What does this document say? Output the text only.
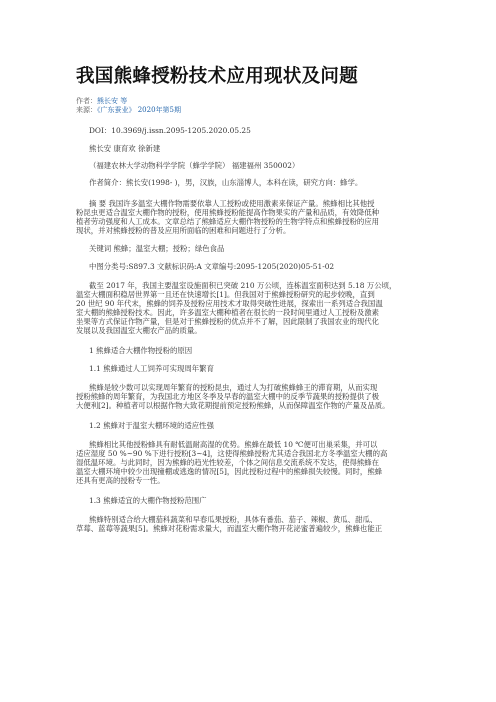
我国熊蜂授粉技术应用现状及问题
作者：熊长安 等
来源：《广东蚕业》 2020年第5期
DOI：10.3969/j.issn.2095-1205.2020.05.25
熊长安 康育欢 徐新建
（福建农林大学动物科学学院（蜂学学院） 福建福州 350002）
作者简介：熊长安(1998- )，男，汉族，山东淄博人，本科在读，研究方向：蜂学。
摘 要 我国许多温室大棚作物需要依靠人工授粉或使用激素来保证产量。熊蜂相比其他授
粉昆虫更适合温室大棚作物的授粉，使用熊蜂授粉能提高作物果实的产量和品质，有效降低种
植者劳动强度和人工成本。文章总结了熊蜂适应大棚作物授粉的生物学特点和熊蜂授粉的应用
现状，并对熊蜂授粉的普及应用所面临的困难和问题进行了分析。
关键词 熊蜂；温室大棚；授粉；绿色食品
中图分类号:S897.3 文献标识码:A 文章编号:2095-1205(2020)05-51-02
截至 2017 年，我国主要温室设施面积已突破 210 万公顷，连栋温室面积达到 5.18 万公顷，
温室大棚面积稳居世界第一且还在快速增长[1]。但我国对于熊蜂授粉研究的起步较晚，直到
20 世纪 90 年代末，熊蜂的饲养及授粉应用技术才取得突破性进展，探索出一系列适合我国温
室大棚的熊蜂授粉技术。因此，许多温室大棚种植者在很长的一段时间里通过人工授粉及激素
坐果等方式保证作物产量，但是对于熊蜂授粉的优点并不了解，因此限制了我国农业的现代化
发展以及我国温室大棚农产品的质量。
1 熊蜂适合大棚作物授粉的原因
1.1 熊蜂通过人工饲养可实现周年繁育
熊蜂是较少数可以实现周年繁育的授粉昆虫，通过人为打破熊蜂蜂王的滞育期，从而实现
授粉熊蜂的周年繁育，为我国北方地区冬季及早春的温室大棚中的反季节蔬果的授粉提供了极
大便利[2]。种植者可以根据作物大致花期提前预定授粉熊蜂，从而保障温室作物的产量及品质。
1.2 熊蜂对于温室大棚环境的适应性强
熊蜂相比其他授粉蜂具有耐低温耐高湿的优势。熊蜂在最低 10 ℃便可出巢采集，并可以
适应湿度 50 %~90 %下进行授粉[3~4]，这使得熊蜂授粉尤其适合我国北方冬季温室大棚的高
湿低温环境。与此同时，因为熊蜂的趋光性较差，个体之间信息交流系统不发达，使得熊蜂在
温室大棚环境中较少出现撞棚或逃逸的情况[5]，因此授粉过程中的熊蜂损失较慢。同时，熊蜂
还具有更高的授粉专一性。
1.3 熊蜂适宜的大棚作物授粉范围广
熊蜂特别适合给大棚茄科蔬菜和早春瓜果授粉，具体有番茄、茄子、辣椒、黄瓜、甜瓜、
草莓、蓝莓等蔬果[5]。熊蜂对花粉需求量大，而温室大棚作物开花泌蜜普遍较少，熊蜂也能正
